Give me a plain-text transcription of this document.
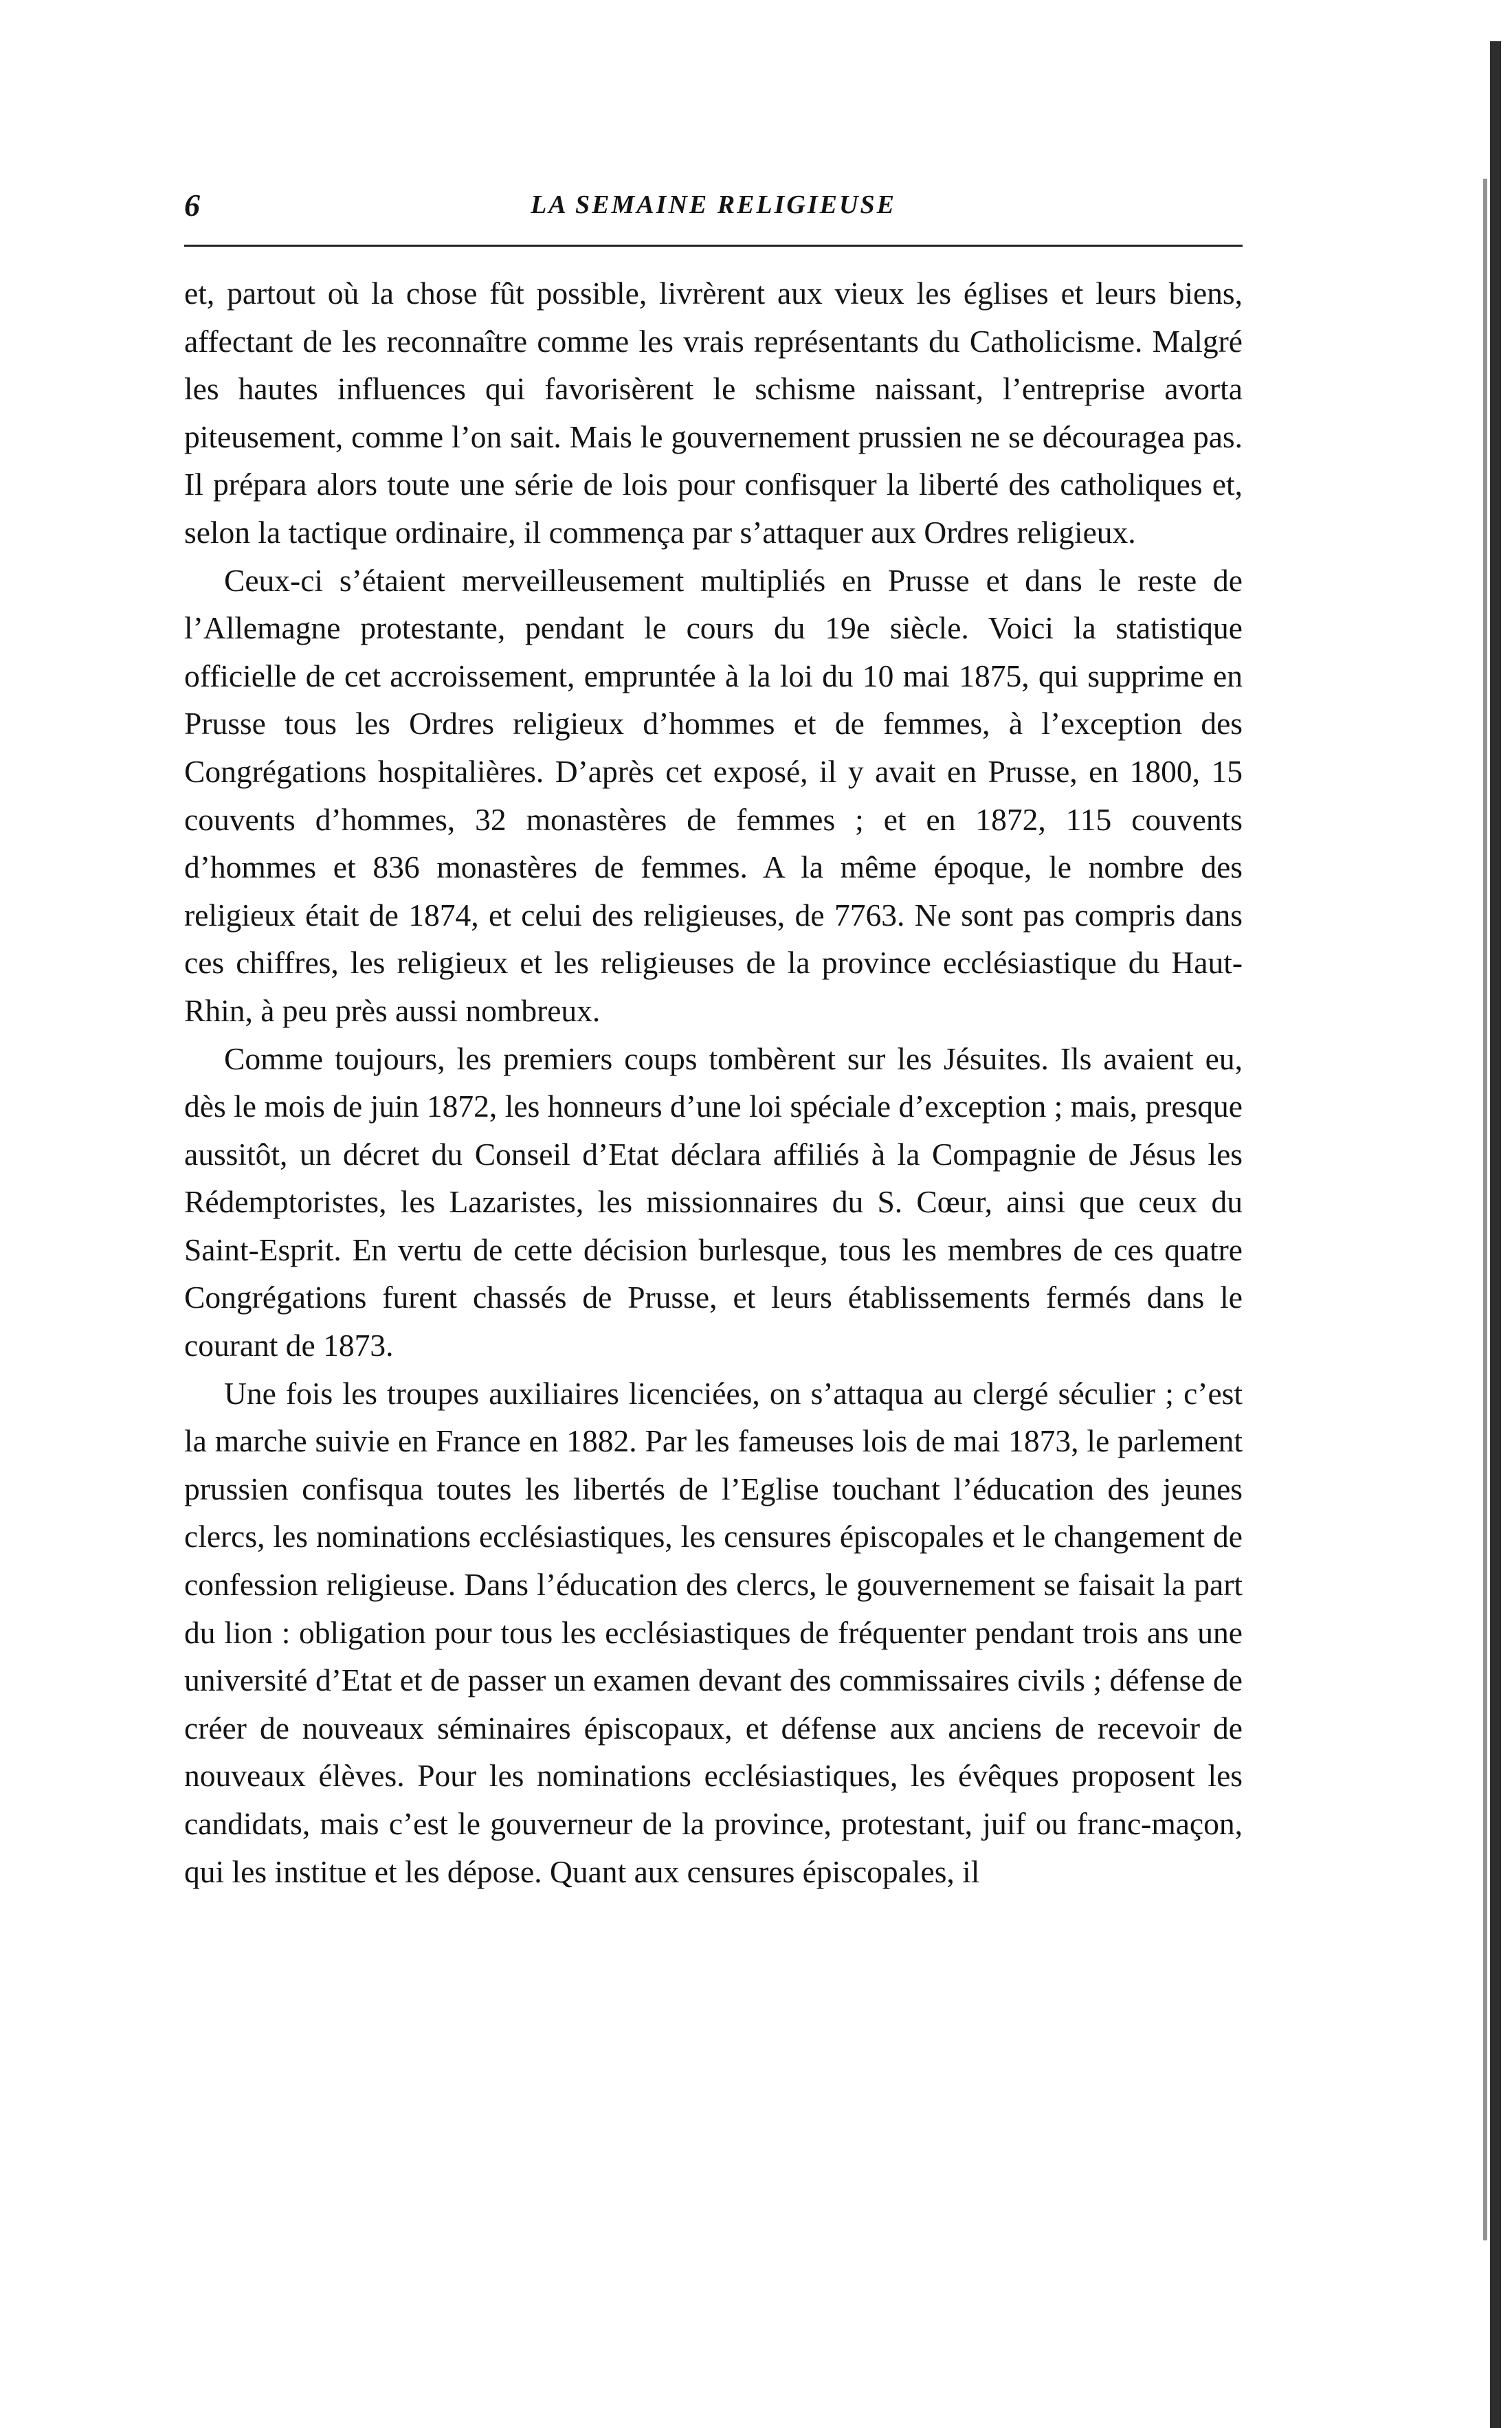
6	LA SEMAINE RELIGIEUSE

et, partout où la chose fût possible, livrèrent aux vieux les églises et leurs biens, affectant de les reconnaître comme les vrais représentants du Catholicisme. Malgré les hautes influences qui favorisèrent le schisme naissant, l’entreprise avorta piteusement, comme l’on sait. Mais le gouvernement prussien ne se découragea pas. Il prépara alors toute une série de lois pour confisquer la liberté des catholiques et, selon la tactique ordinaire, il commença par s’attaquer aux Ordres religieux.

Ceux-ci s’étaient merveilleusement multipliés en Prusse et dans le reste de l’Allemagne protestante, pendant le cours du 19e siècle. Voici la statistique officielle de cet accroissement, empruntée à la loi du 10 mai 1875, qui supprime en Prusse tous les Ordres religieux d’hommes et de femmes, à l’exception des Congrégations hospitalières. D’après cet exposé, il y avait en Prusse, en 1800, 15 couvents d’hommes, 32 monastères de femmes ; et en 1872, 115 couvents d’hommes et 836 monastères de femmes. A la même époque, le nombre des religieux était de 1874, et celui des religieuses, de 7763. Ne sont pas compris dans ces chiffres, les religieux et les religieuses de la province ecclésiastique du Haut-Rhin, à peu près aussi nombreux.

Comme toujours, les premiers coups tombèrent sur les Jésuites. Ils avaient eu, dès le mois de juin 1872, les honneurs d’une loi spéciale d’exception ; mais, presque aussitôt, un décret du Conseil d’Etat déclara affiliés à la Compagnie de Jésus les Rédemptoristes, les Lazaristes, les missionnaires du S. Cœur, ainsi que ceux du Saint-Esprit. En vertu de cette décision burlesque, tous les membres de ces quatre Congrégations furent chassés de Prusse, et leurs établissements fermés dans le courant de 1873.

Une fois les troupes auxiliaires licenciées, on s’attaqua au clergé séculier ; c’est la marche suivie en France en 1882. Par les fameuses lois de mai 1873, le parlement prussien confisqua toutes les libertés de l’Eglise touchant l’éducation des jeunes clercs, les nominations ecclésiastiques, les censures épiscopales et le changement de confession religieuse. Dans l’éducation des clercs, le gouvernement se faisait la part du lion : obligation pour tous les ecclésiastiques de fréquenter pendant trois ans une université d’Etat et de passer un examen devant des commissaires civils ; défense de créer de nouveaux séminaires épiscopaux, et défense aux anciens de recevoir de nouveaux élèves. Pour les nominations ecclésiastiques, les évêques proposent les candidats, mais c’est le gouverneur de la province, protestant, juif ou franc-maçon, qui les institue et les dépose. Quant aux censures épiscopales, il
